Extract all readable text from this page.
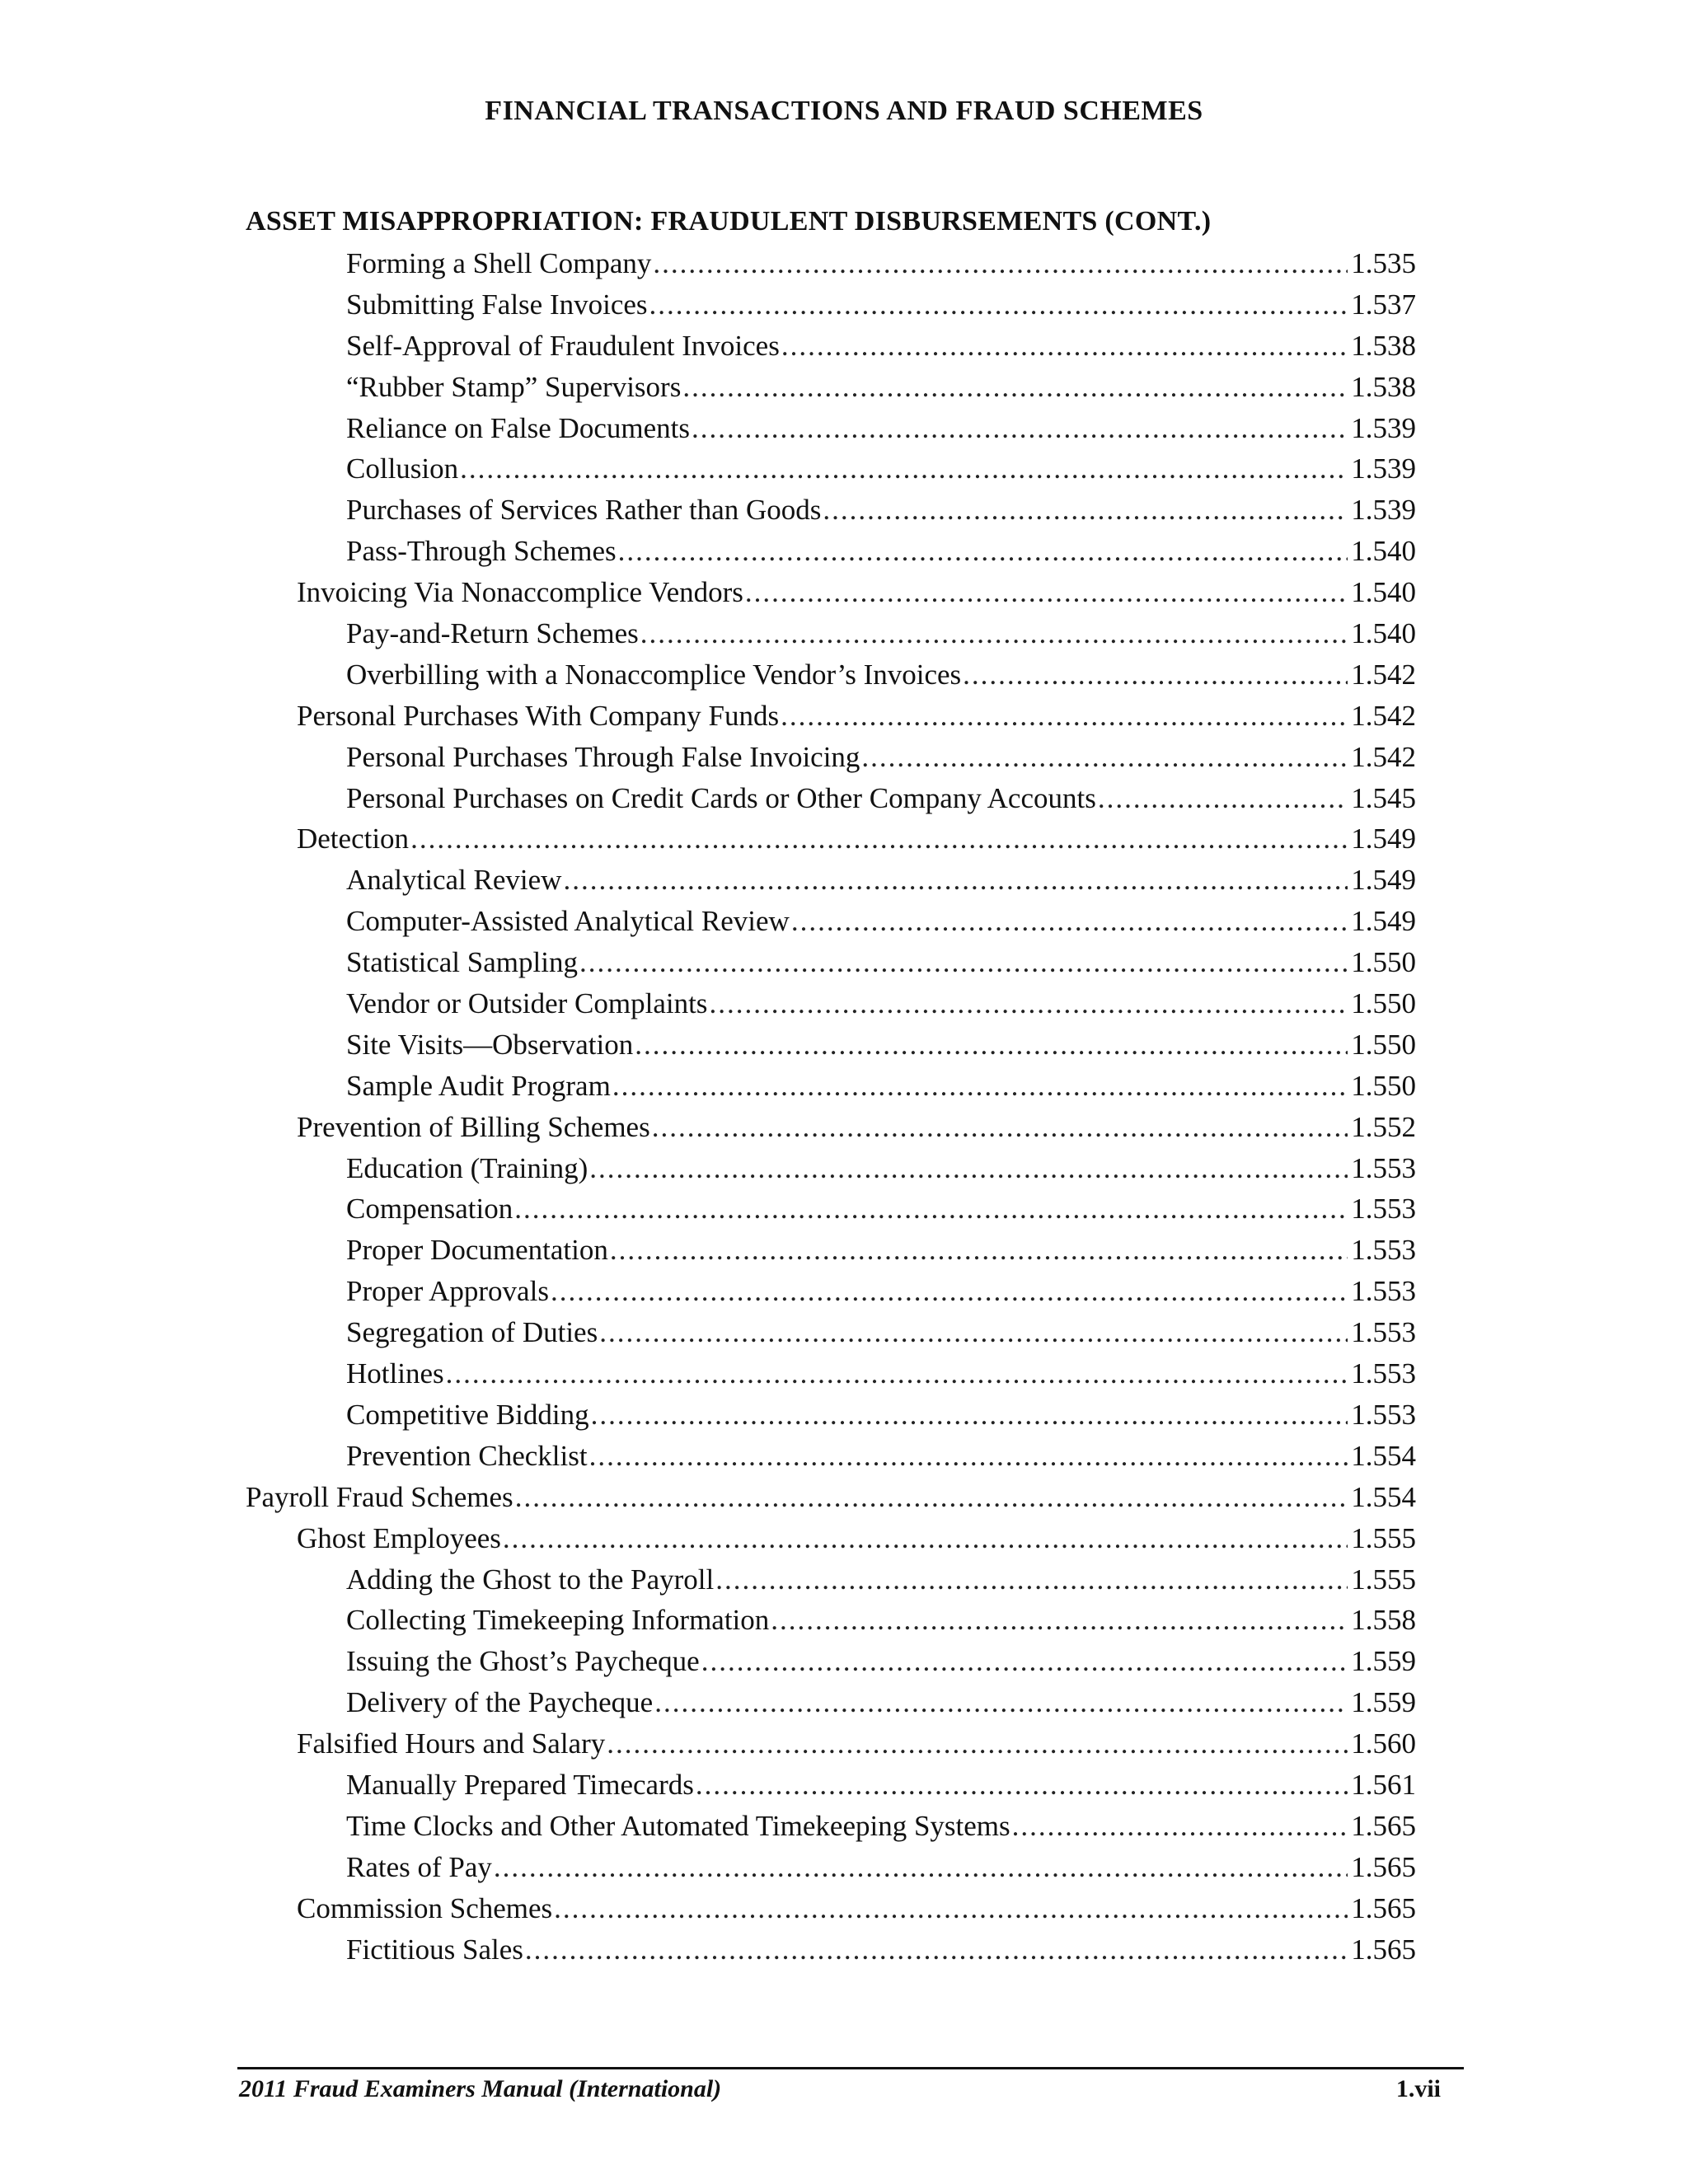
FINANCIAL TRANSACTIONS AND FRAUD SCHEMES
ASSET MISAPPROPRIATION: FRAUDULENT DISBURSEMENTS (CONT.)
Forming a Shell Company .....	1.535
Submitting False Invoices .....	1.537
Self-Approval of Fraudulent Invoices .....	1.538
“Rubber Stamp” Supervisors .....	1.538
Reliance on False Documents .....	1.539
Collusion .....	1.539
Purchases of Services Rather than Goods .....	1.539
Pass-Through Schemes .....	1.540
Invoicing Via Nonaccomplice Vendors .....	1.540
Pay-and-Return Schemes .....	1.540
Overbilling with a Nonaccomplice Vendor’s Invoices .....	1.542
Personal Purchases With Company Funds .....	1.542
Personal Purchases Through False Invoicing .....	1.542
Personal Purchases on Credit Cards or Other Company Accounts .....	1.545
Detection .....	1.549
Analytical Review .....	1.549
Computer-Assisted Analytical Review .....	1.549
Statistical Sampling .....	1.550
Vendor or Outsider Complaints .....	1.550
Site Visits—Observation .....	1.550
Sample Audit Program .....	1.550
Prevention of Billing Schemes .....	1.552
Education (Training) .....	1.553
Compensation .....	1.553
Proper Documentation .....	1.553
Proper Approvals .....	1.553
Segregation of Duties .....	1.553
Hotlines .....	1.553
Competitive Bidding .....	1.553
Prevention Checklist .....	1.554
Payroll Fraud Schemes .....	1.554
Ghost Employees .....	1.555
Adding the Ghost to the Payroll .....	1.555
Collecting Timekeeping Information .....	1.558
Issuing the Ghost’s Paycheque .....	1.559
Delivery of the Paycheque .....	1.559
Falsified Hours and Salary .....	1.560
Manually Prepared Timecards .....	1.561
Time Clocks and Other Automated Timekeeping Systems .....	1.565
Rates of Pay .....	1.565
Commission Schemes .....	1.565
Fictitious Sales .....	1.565
2011 Fraud Examiners Manual (International)	1.vii
